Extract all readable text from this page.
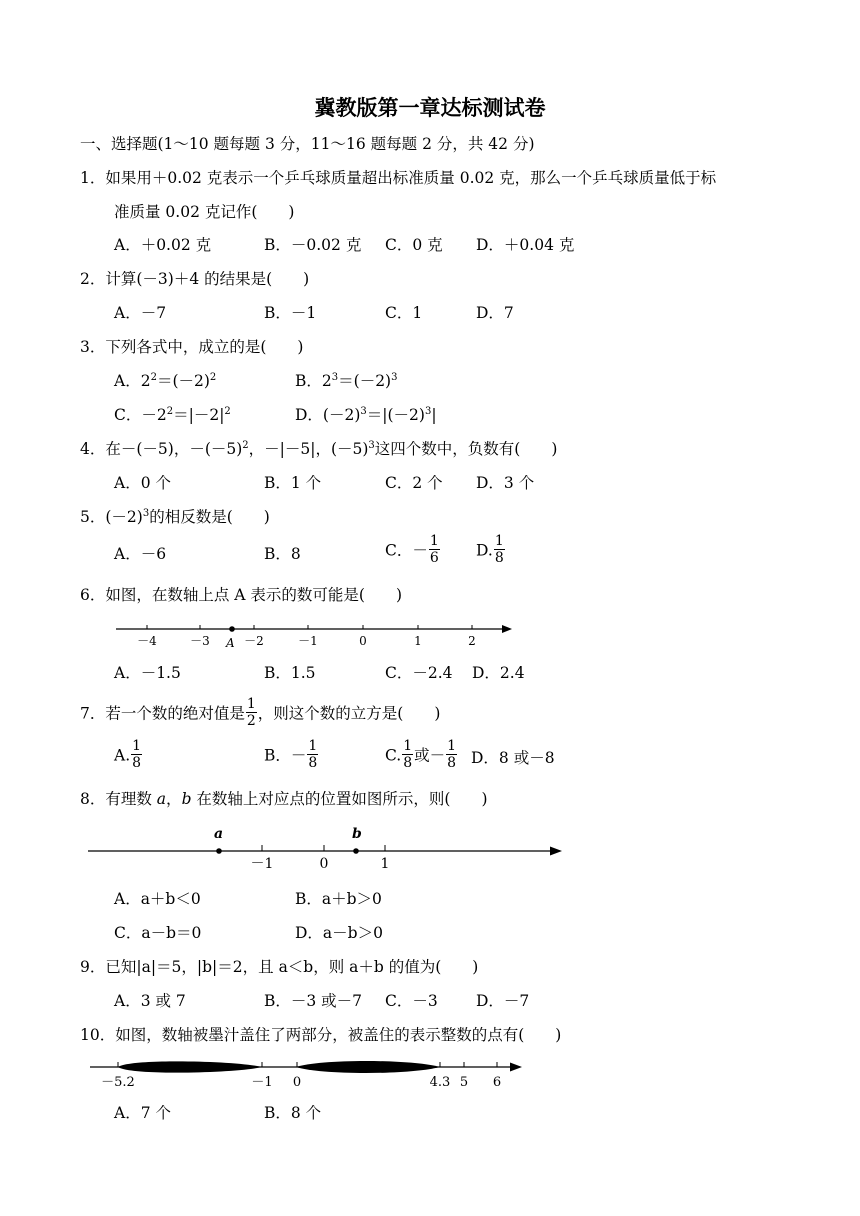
冀教版第一章达标测试卷
一、选择题(1～10 题每题 3 分，11～16 题每题 2 分，共 42 分)
1．如果用＋0.02 克表示一个乒乓球质量超出标准质量 0.02 克，那么一个乒乓球质量低于标
准质量 0.02 克记作(　　)
A．＋0.02 克	B．－0.02 克 C．0 克 D．＋0.04 克
2．计算(－3)＋4 的结果是(　　)
A．－7	B．－1	C．1	D．7
3．下列各式中，成立的是(　　)
A．$2^2=(-2)^2$	B．$2^3=(-2)^3$
C．$-2^2=|-2|^2$	D．$(-2)^3=|(-2)^3|$
4．在－(－5)，$-(-5)^2$，－|－5|，$(-5)^3$这四个数中，负数有(　　)
A．0 个	B．1 个	C．2 个 D．3 个
5．$(-2)^3$的相反数是(　　)
A．－6	B．8	C．－ $\frac{1}{6} D$. $\frac{1}{8}$
6．如图，在数轴上点 A 表示的数可能是(　　)
－4	－3	－2	－1	0	1	2
A
A．－1.5	B．1.5	C．－2.4 D．2.4
7．若一个数的绝对值是 $\frac{1}{2}$ ，则这个数的立方是(　　)
A. $\frac{1}{8}$	B．－ $\frac{1}{8}$	C. $\frac{1}{8}$ 或－ $\frac{1}{8}$ D．8 或－8
8．有理数 a，b 在数轴上对应点的位置如图所示，则(　　)
－1	0	1
a	b
A．a＋b＜0	B．a＋b＞0
C．a－b＝0	D．a－b＞0
9．已知|a|＝5，|b|＝2，且 a＜b，则 a＋b 的值为(　　)
A．3 或 7	B．－3 或－7 C．－3 D．－7
10．如图，数轴被墨汁盖住了两部分，被盖住的表示整数的点有(　　)
－5.2	－1 0	4.3 5 6
A．7 个	B．8 个
